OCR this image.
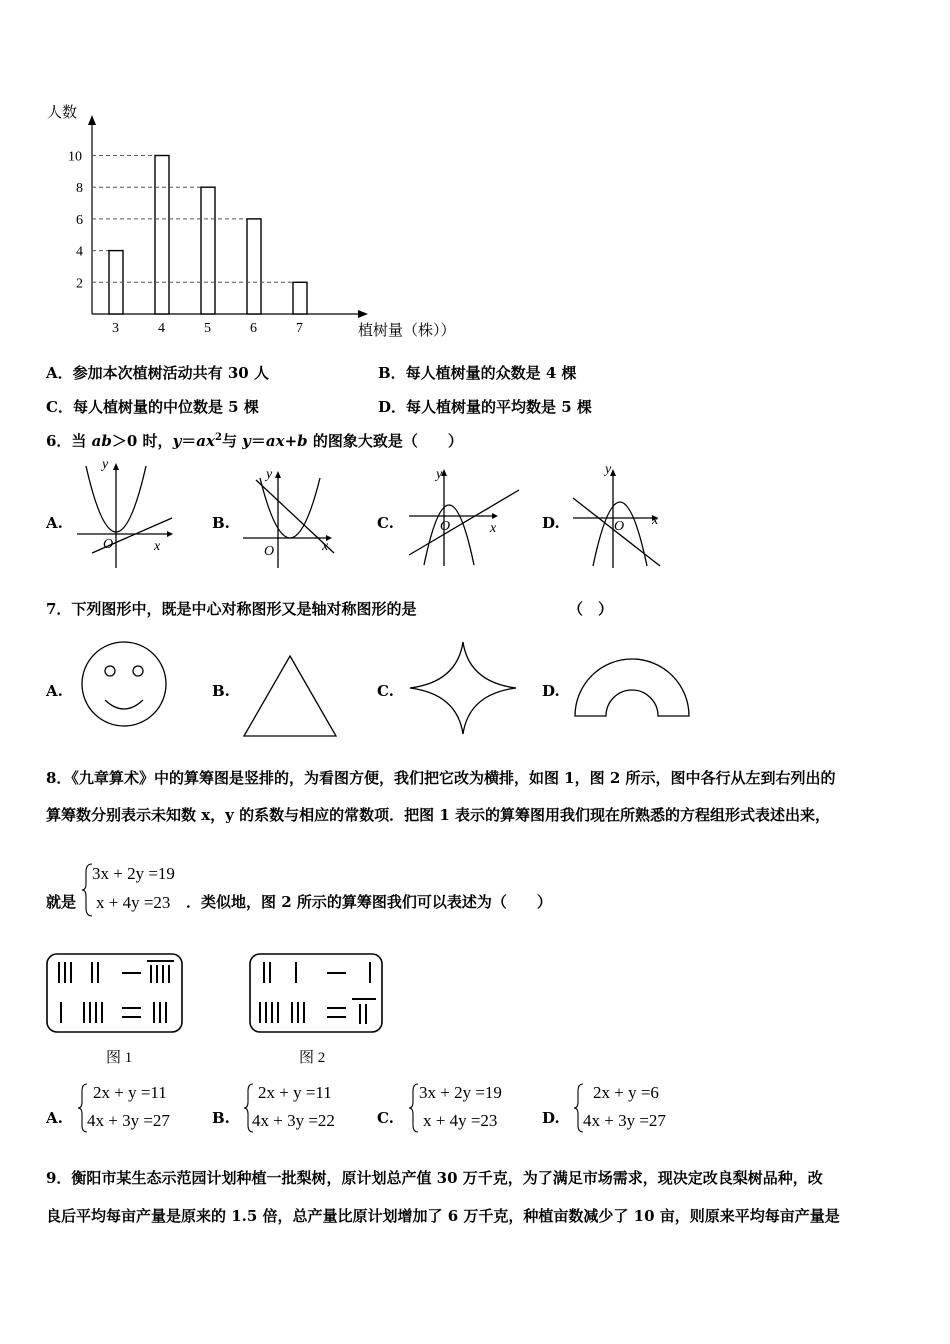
人数
植树量（株））
2
4
6
8
10
3	4	5	6	7
A．参加本次植树活动共有 30 人	B．每人植树量的众数是 4 棵
C．每人植树量的中位数是 5 棵	D．每人植树量的平均数是 5 棵
6．当 ab＞0 时，$y=ax^2$与 y＝ax+b 的图象大致是（　　）
A.	B.	C.	D.
y
x
O
y
x
O
y
x
O
y
x
O
7．下列图形中，既是中心对称图形又是轴对称图形的是	（　）
A.	B.	C.	D.
8．《九章算术》中的算筹图是竖排的，为看图方便，我们把它改为横排，如图 1，图 2 所示，图中各行从左到右列出的
算筹数分别表示未知数 x，y 的系数与相应的常数项．把图 1 表示的算筹图用我们现在所熟悉的方程组形式表述出来，
就是
3x + 2y =19
x + 4y =23 ．类似地，图 2 所示的算筹图我们可以表述为（　　）
图 1	图 2
A.
2x + y =11
4x + 3y =27	B.
2x + y =11
4x + 3y =22	C.
3x + 2y =19
x + 4y =23	D.
2x + y =6
4x + 3y =27
9．衡阳市某生态示范园计划种植一批梨树，原计划总产值 30 万千克，为了满足市场需求，现决定改良梨树品种，改
良后平均每亩产量是原来的 1.5 倍，总产量比原计划增加了 6 万千克，种植亩数减少了 10 亩，则原来平均每亩产量是
